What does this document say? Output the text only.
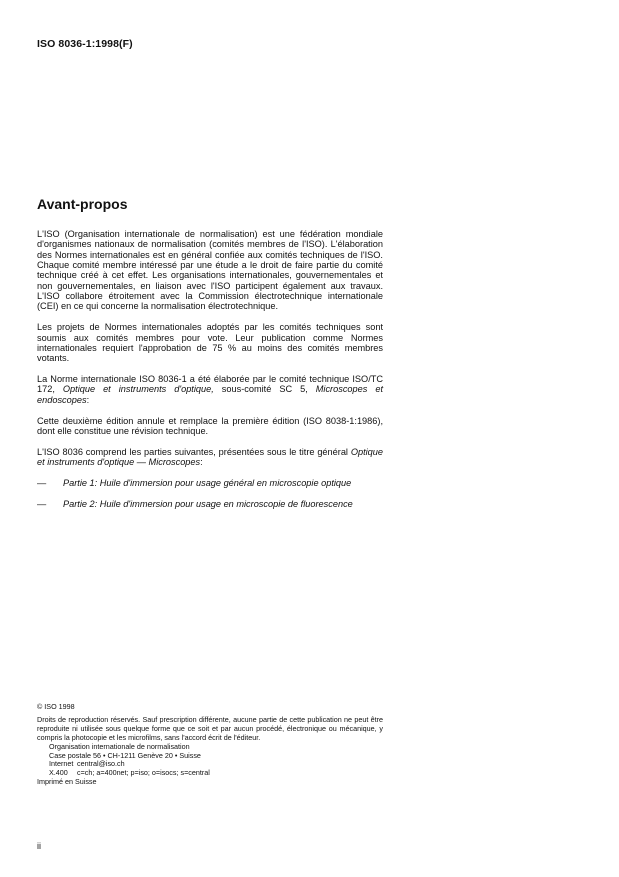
ISO 8036-1:1998(F)
Avant-propos

L'ISO (Organisation internationale de normalisation) est une fédération mondiale d'organismes nationaux de normalisation (comités membres de l'ISO). L'élaboration des Normes internationales est en général confiée aux comités techniques de l'ISO. Chaque comité membre intéressé par une étude a le droit de faire partie du comité technique créé à cet effet. Les organisations internationales, gouvernementales et non gouvernementales, en liaison avec l'ISO participent également aux travaux. L'ISO collabore étroitement avec la Commission électrotechnique internationale (CEI) en ce qui concerne la normalisation électrotechnique.

Les projets de Normes internationales adoptés par les comités techniques sont soumis aux comités membres pour vote. Leur publication comme Normes internationales requiert l'approbation de 75 % au moins des comités membres votants.

La Norme internationale ISO 8036-1 a été élaborée par le comité technique ISO/TC 172, Optique et instruments d'optique, sous-comité SC 5, Microscopes et endoscopes:

Cette deuxième édition annule et remplace la première édition (ISO 8038-1:1986), dont elle constitue une révision technique.

L'ISO 8036 comprend les parties suivantes, présentées sous le titre général Optique et instruments d'optique — Microscopes:

—	Partie 1: Huile d'immersion pour usage général en microscopie optique
—	Partie 2: Huile d'immersion pour usage en microscopie de fluorescence
© ISO 1998
Droits de reproduction réservés. Sauf prescription différente, aucune partie de cette publication ne peut être reproduite ni utilisée sous quelque forme que ce soit et par aucun procédé, électronique ou mécanique, y compris la photocopie et les microfilms, sans l'accord écrit de l'éditeur.
Organisation internationale de normalisation
Case postale 56 • CH-1211 Genève 20 • Suisse
Internet central@iso.ch
X.400	c=ch; a=400net; p=iso; o=isocs; s=central
Imprimé en Suisse
ii
